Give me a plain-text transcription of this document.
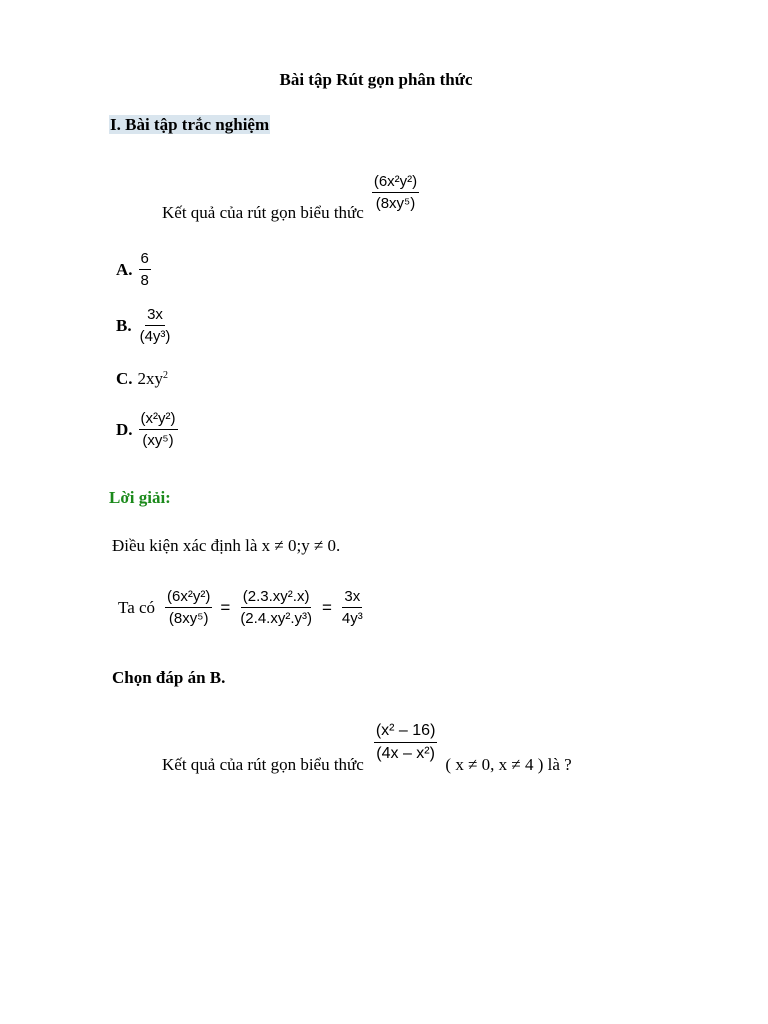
Bài tập Rút gọn phân thức
I. Bài tập trắc nghiệm
Kết quả của rút gọn biểu thức $\frac{\text{(6x²y²)}}{\text{(8xy⁵)}}$
A. $\frac{6}{8}$
B. $\frac{3x}{\text{(4y³)}}$
C. $2xy^2$
D. $\frac{\text{(x²y²)}}{\text{(xy⁵)}}$
Lời giải:
Điều kiện xác định là x ≠ 0;y ≠ 0.
Ta có $\frac{\text{(6x²y²)}}{\text{(8xy⁵)}} = \frac{\text{(2.3.xy².x)}}{\text{(2.4.xy².y³)}} = \frac{3x}{\text{4y³}}$
Chọn đáp án B.
Kết quả của rút gọn biểu thức
$\frac{\text{(x² – 16)}}{\text{(4x – x²)}}$
( x ≠ 0, x ≠ 4 ) là ?
